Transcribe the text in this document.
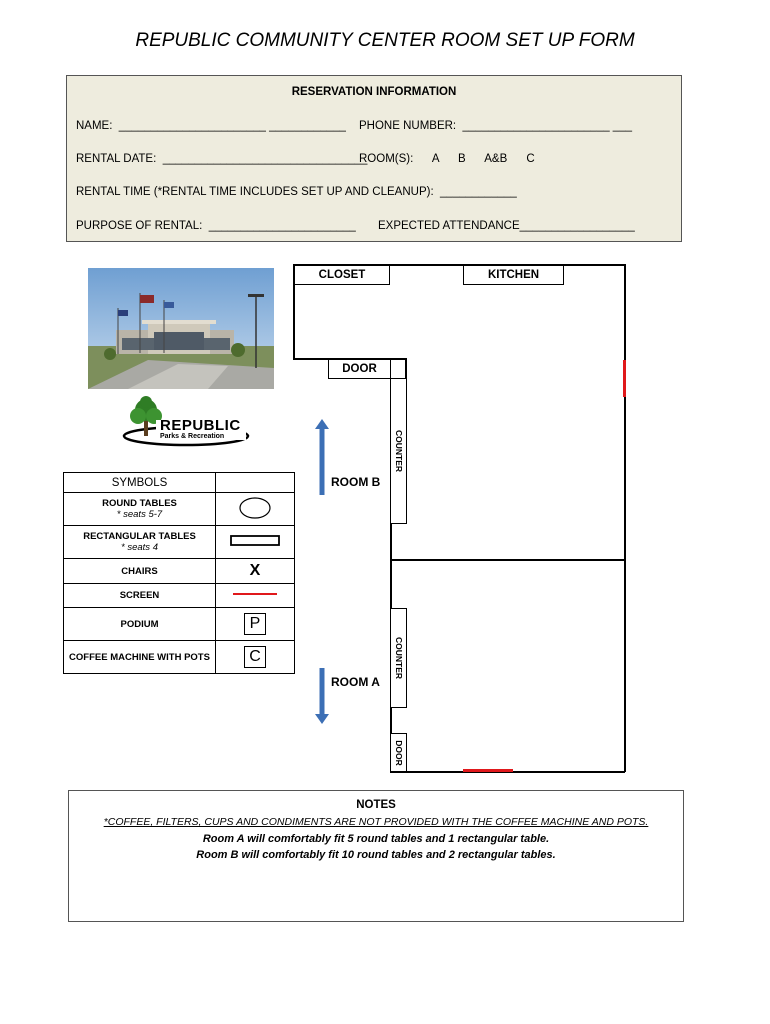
REPUBLIC COMMUNITY CENTER ROOM SET UP FORM
RESERVATION INFORMATION
NAME:  _______________________ ____________ PHONE NUMBER:  _______________________ ___
RENTAL DATE:  ________________________________
ROOM(S):      A      B      A&B      C
RENTAL TIME (*RENTAL TIME INCLUDES SET UP AND CLEANUP):  ____________
PURPOSE OF RENTAL:  _______________________ EXPECTED ATTENDANCE__________________
REPUBLIC
Parks & Recreation
SYMBOLS	

ROUND TABLES
* seats 5-7

RECTANGULAR TABLES
* seats 4

CHAIRS	X
SCREEN	
PODIUM	P
COFFEE MACHINE WITH POTS	C
CLOSET	KITCHEN
DOOR
COUNTER
COUNTER
DOOR
ROOM B
ROOM A
NOTES
*COFFEE, FILTERS, CUPS AND CONDIMENTS ARE NOT PROVIDED WITH THE COFFEE MACHINE AND POTS.
Room A will comfortably fit 5 round tables and 1 rectangular table.
Room B will comfortably fit 10 round tables and 2 rectangular tables.
